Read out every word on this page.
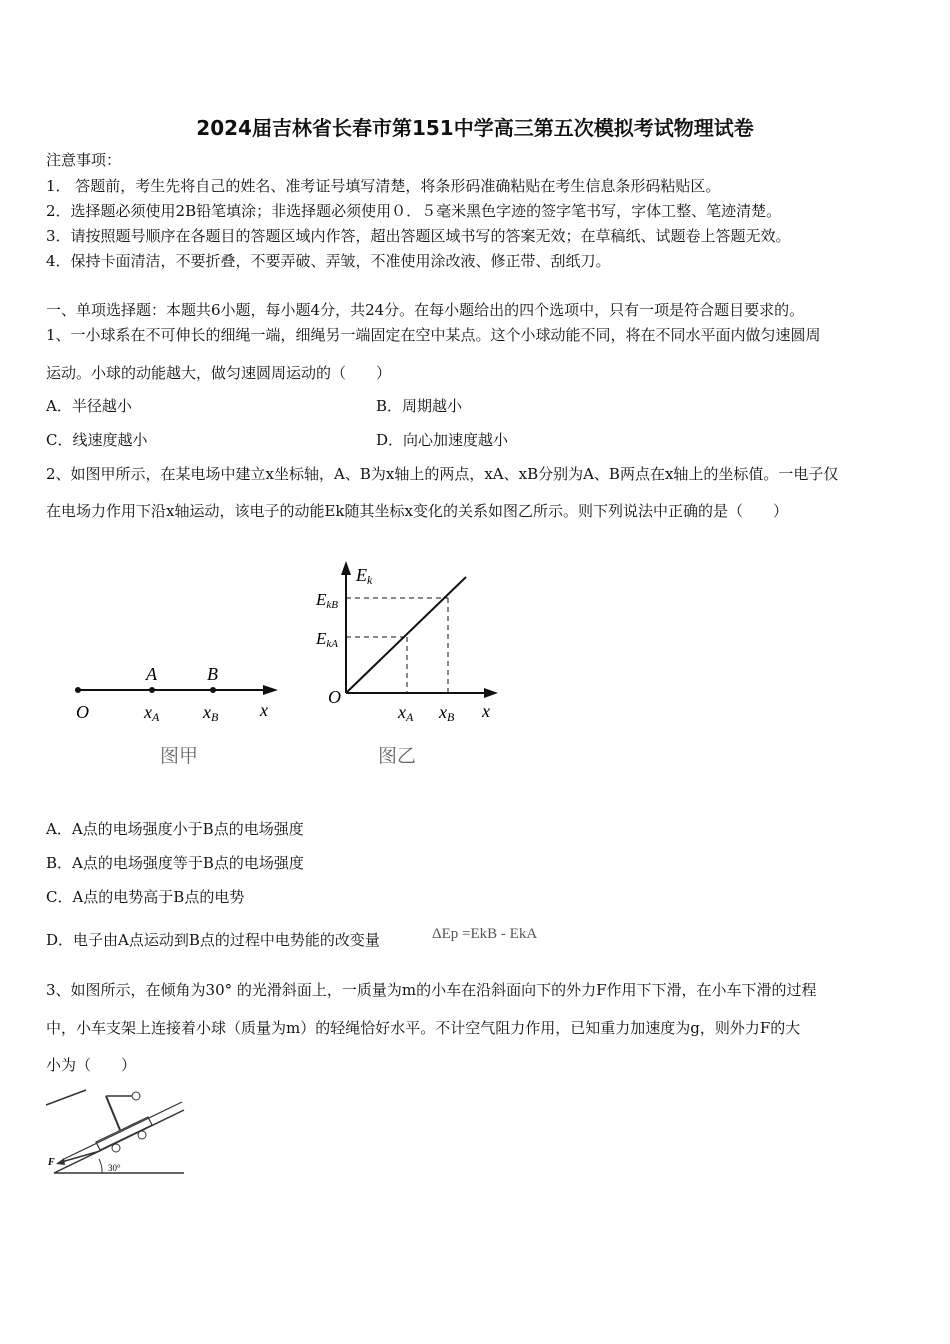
2024届吉林省长春市第151中学高三第五次模拟考试物理试卷
注意事项：
1． 答题前，考生先将自己的姓名、准考证号填写清楚，将条形码准确粘贴在考生信息条形码粘贴区。
2．选择题必须使用2B铅笔填涂；非选择题必须使用０．５毫米黑色字迹的签字笔书写，字体工整、笔迹清楚。
3．请按照题号顺序在各题目的答题区域内作答，超出答题区域书写的答案无效；在草稿纸、试题卷上答题无效。
4．保持卡面清洁，不要折叠，不要弄破、弄皱，不准使用涂改液、修正带、刮纸刀。
一、单项选择题：本题共6小题，每小题4分，共24分。在每小题给出的四个选项中，只有一项是符合题目要求的。
1、一小球系在不可伸长的细绳一端，细绳另一端固定在空中某点。这个小球动能不同，将在不同水平面内做匀速圆周
运动。小球的动能越大，做匀速圆周运动的（　　）
A．半径越小	B．周期越小
C．线速度越小	D．向心加速度越小
2、如图甲所示，在某电场中建立x坐标轴，A、B为x轴上的两点，xA、xB分别为A、B两点在x轴上的坐标值。一电子仅
在电场力作用下沿x轴运动，该电子的动能Ek随其坐标x变化的关系如图乙所示。则下列说法中正确的是（　　）
A	B
O	xA xB x
图甲
Ek
EkB
EkA
O
xA xB x
图乙
A．A点的电场强度小于B点的电场强度
B．A点的电场强度等于B点的电场强度
C．A点的电势高于B点的电势
D．电子由A点运动到B点的过程中电势能的改变量	ΔEp =EkB - EkA
3、如图所示，在倾角为30° 的光滑斜面上，一质量为m的小车在沿斜面向下的外力F作用下下滑，在小车下滑的过程
中，小车支架上连接着小球（质量为m）的轻绳恰好水平。不计空气阻力作用，已知重力加速度为g，则外力F的大
小为（　　）
F	30°
